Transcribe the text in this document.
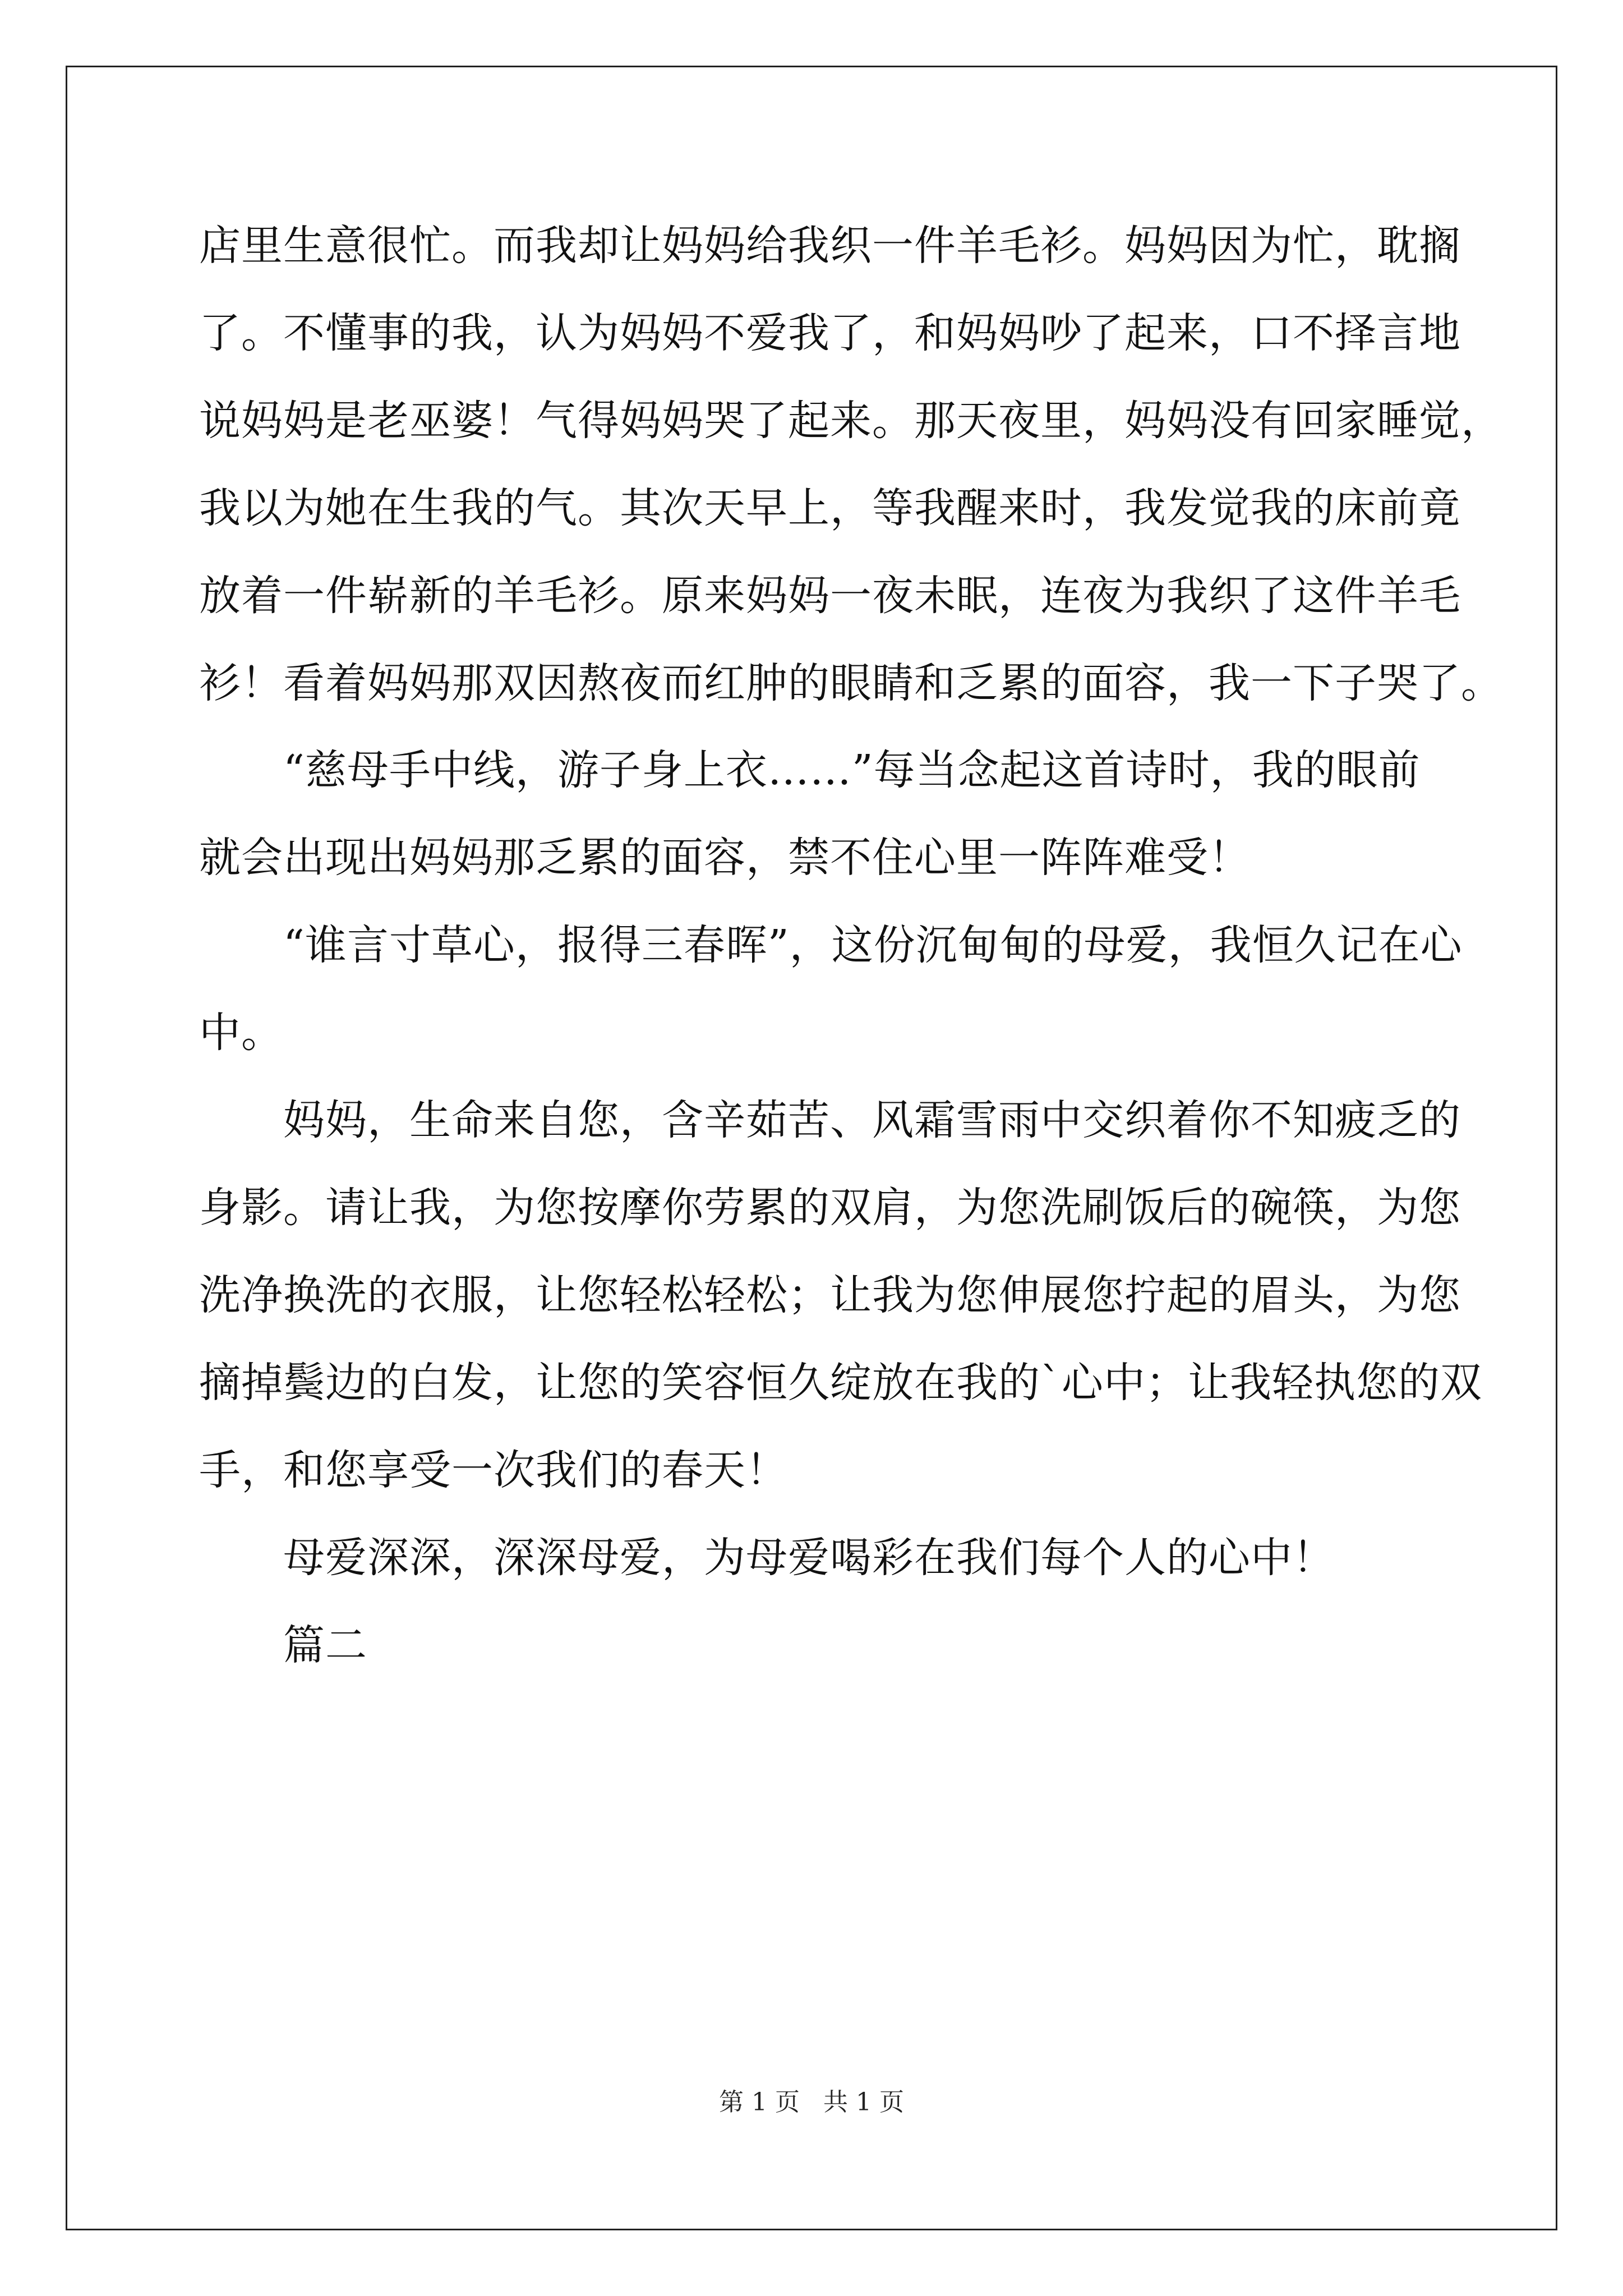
店里生意很忙。而我却让妈妈给我织一件羊毛衫。妈妈因为忙，耽搁
了。不懂事的我，认为妈妈不爱我了，和妈妈吵了起来，口不择言地
说妈妈是老巫婆！气得妈妈哭了起来。那天夜里，妈妈没有回家睡觉，
我以为她在生我的气。其次天早上，等我醒来时，我发觉我的床前竟
放着一件崭新的羊毛衫。原来妈妈一夜未眠，连夜为我织了这件羊毛
衫！看着妈妈那双因熬夜而红肿的眼睛和乏累的面容，我一下子哭了。
“慈母手中线，游子身上衣……”每当念起这首诗时，我的眼前
就会出现出妈妈那乏累的面容，禁不住心里一阵阵难受！
“谁言寸草心，报得三春晖”，这份沉甸甸的母爱，我恒久记在心
中。
妈妈，生命来自您，含辛茹苦、风霜雪雨中交织着你不知疲乏的
身影。请让我，为您按摩你劳累的双肩，为您洗刷饭后的碗筷，为您
洗净换洗的衣服，让您轻松轻松；让我为您伸展您拧起的眉头，为您
摘掉鬓边的白发，让您的笑容恒久绽放在我的`心中；让我轻执您的双
手，和您享受一次我们的春天！
母爱深深，深深母爱，为母爱喝彩在我们每个人的心中！
篇二
第 1 页 共 1 页
